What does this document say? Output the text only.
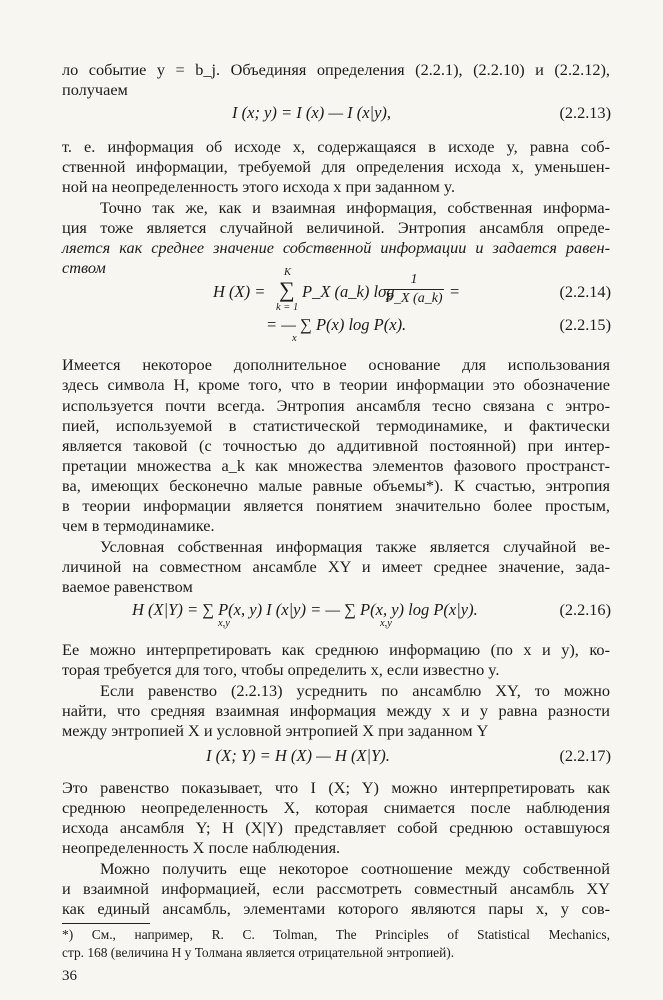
ло событие y = b_j. Объединяя определения (2.2.1), (2.2.10) и (2.2.12),
получаем
I (x; y) = I (x) — I (x|y),	(2.2.13)
т. е. информация об исходе x, содержащаяся в исходе y, равна соб-
ственной информации, требуемой для определения исхода x, уменьшен-
ной на неопределенность этого исхода x при заданном y.
Точно так же, как и взаимная информация, собственная информа-
ция тоже является случайной величиной. Энтропия ансамбля опреде-
ляется как среднее значение собственной информации и задается равен-
ством
H (X) =
K
∑
k = 1
P_X (a_k) log
1
P_X (a_k) =	(2.2.14)
= — ∑ P(x) log P(x).
x
(2.2.15)
Имеется некоторое дополнительное основание для использования
здесь символа H, кроме того, что в теории информации это обозначение
используется почти всегда. Энтропия ансамбля тесно связана с энтро-
пией, используемой в статистической термодинамике, и фактически
является таковой (с точностью до аддитивной постоянной) при интер-
претации множества a_k как множества элементов фазового пространст-
ва, имеющих бесконечно малые равные объемы*). К счастью, энтропия
в теории информации является понятием значительно более простым,
чем в термодинамике.
Условная собственная информация также является случайной ве-
личиной на совместном ансамбле XY и имеет среднее значение, зада-
ваемое равенством
H (X|Y) = ∑ P(x, y) I (x|y) = — ∑ P(x, y) log P(x|y).
x,y	x,y
(2.2.16)
Ее можно интерпретировать как среднюю информацию (по x и y), ко-
торая требуется для того, чтобы определить x, если известно y.
Если равенство (2.2.13) усреднить по ансамблю XY, то можно
найти, что средняя взаимная информация между x и y равна разности
между энтропией X и условной энтропией X при заданном Y
I (X; Y) = H (X) — H (X|Y).	(2.2.17)
Это равенство показывает, что I (X; Y) можно интерпретировать как
среднюю неопределенность X, которая снимается после наблюдения
исхода ансамбля Y; H (X|Y) представляет собой среднюю оставшуюся
неопределенность X после наблюдения.
Можно получить еще некоторое соотношение между собственной
и взаимной информацией, если рассмотреть совместный ансамбль XY
как единый ансамбль, элементами которого являются пары x, y сов-
*) См., например, R. C. Tolman, The Principles of Statistical Mechanics,
стр. 168 (величина H у Толмана является отрицательной энтропией).
36
